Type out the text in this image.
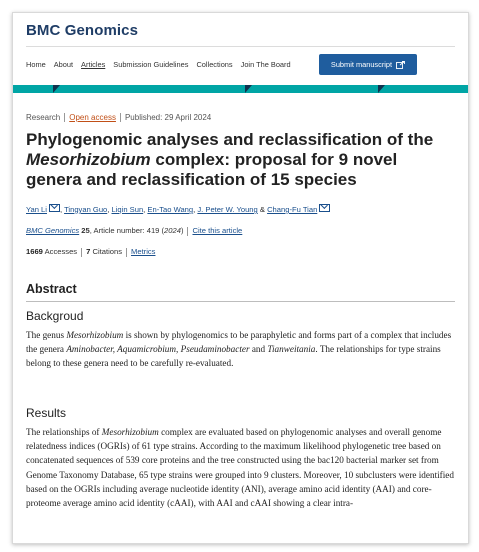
BMC Genomics
Home About Articles Submission Guidelines Collections Join The Board	Submit manuscript
Research Open access Published: 29 April 2024
Phylogenomic analyses and reclassification of the
Mesorhizobium complex: proposal for 9 novel genera and reclassification of 15 species
Yan Li , Tingyan Guo, Liqin Sun, En-Tao Wang, J. Peter W. Young & Chang-Fu Tian
BMC Genomics 25, Article number: 419 (2024) Cite this article
1669 Accesses 7 Citations Metrics
Abstract
Backgroud
The genus Mesorhizobium is shown by phylogenomics to be paraphyletic and forms part of a complex that includes the genera Aminobacter, Aquamicrobium, Pseudaminobacter and Tianweitania. The relationships for type strains belong to these genera need to be carefully re-evaluated.
Results
The relationships of Mesorhizobium complex are evaluated based on phylogenomic analyses and overall genome relatedness indices (OGRIs) of 61 type strains. According to the maximum likelihood phylogenetic tree based on concatenated sequences of 539 core proteins and the tree constructed using the bac120 bacterial marker set from Genome Taxonomy Database, 65 type strains were grouped into 9 clusters. Moreover, 10 subclusters were identified based on the OGRIs including average nucleotide identity (ANI), average amino acid identity (AAI) and core-proteome average amino acid identity (cAAI), with AAI and cAAI showing a clear intra-
